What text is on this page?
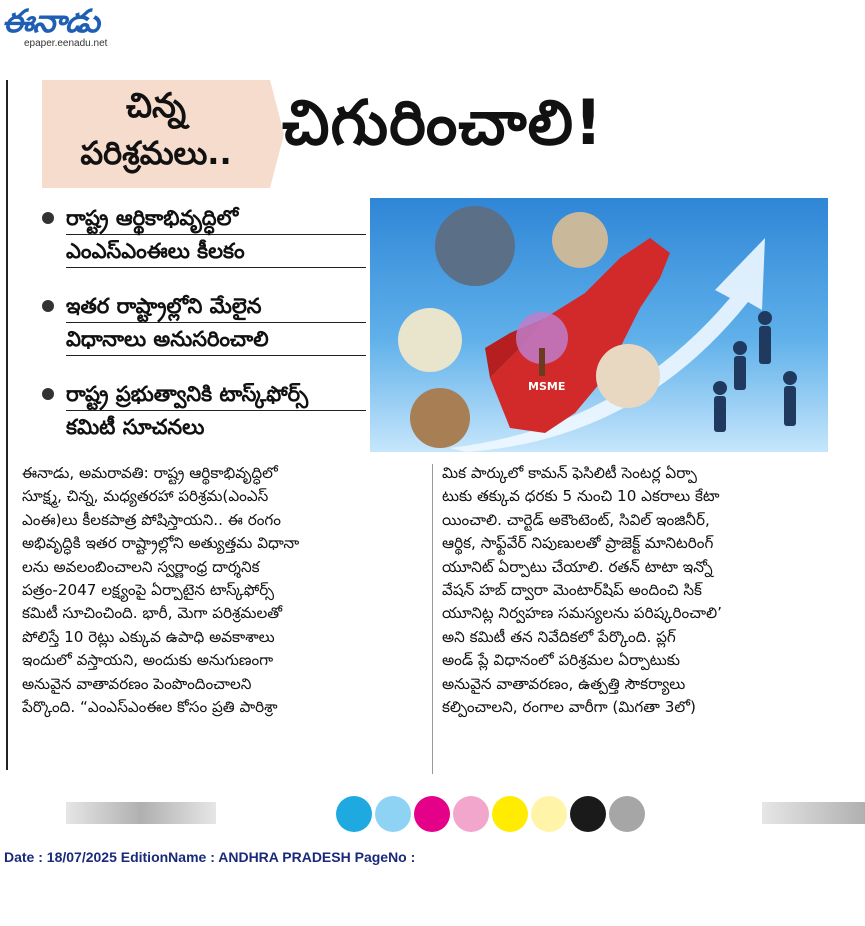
ఈనాడు
epaper.eenadu.net
చిన్న
పరిశ్రమలు.. చిగురించాలి!
రాష్ట్ర ఆర్థికాభివృద్ధిలో
ఎంఎస్ఎంఈలు కీలకం
ఇతర రాష్ట్రాల్లోని మేలైన
విధానాలు అనుసరించాలి
రాష్ట్ర ప్రభుత్వానికి టాస్క్‌ఫోర్స్
కమిటీ సూచనలు
MSME
ఈనాడు, అమరావతి: రాష్ట్ర ఆర్థికాభివృద్ధిలో
సూక్ష్మ, చిన్న, మధ్యతరహా పరిశ్రమ(ఎంఎస్
ఎంఈ)లు కీలకపాత్ర పోషిస్తాయని.. ఈ రంగం
అభివృద్ధికి ఇతర రాష్ట్రాల్లోని అత్యుత్తమ విధానా
లను అవలంబించాలని స్వర్ణాంధ్ర దార్శనిక
పత్రం-2047 లక్ష్యంపై ఏర్పాటైన టాస్క్‌ఫోర్స్
కమిటీ సూచించింది. భారీ, మెగా పరిశ్రమలతో
పోలిస్తే 10 రెట్లు ఎక్కువ ఉపాధి అవకాశాలు
ఇందులో వస్తాయని, అందుకు అనుగుణంగా
అనువైన వాతావరణం పెంపొందించాలని
పేర్కొంది. “ఎంఎస్ఎంఈల కోసం ప్రతి పారిశ్రా
మిక పార్కులో కామన్ ఫెసిలిటీ సెంటర్ల ఏర్పా
టుకు తక్కువ ధరకు 5 నుంచి 10 ఎకరాలు కేటా
యించాలి. చార్టెడ్ అకౌంటెంట్, సివిల్ ఇంజినీర్,
ఆర్థిక, సాఫ్ట్‌వేర్ నిపుణులతో ప్రాజెక్ట్ మానిటరింగ్
యూనిట్ ఏర్పాటు చేయాలి. రతన్ టాటా ఇన్నో
వేషన్ హబ్ ద్వారా మెంటార్‌షిప్ అందించి సిక్
యూనిట్ల నిర్వహణ సమస్యలను పరిష్కరించాలి’
అని కమిటీ తన నివేదికలో పేర్కొంది. ప్లగ్
అండ్ ప్లే విధానంలో పరిశ్రమల ఏర్పాటుకు
అనువైన వాతావరణం, ఉత్పత్తి సౌకర్యాలు
కల్పించాలని, రంగాల వారీగా (మిగతా 3లో)
Date : 18/07/2025 EditionName : ANDHRA PRADESH PageNo :
